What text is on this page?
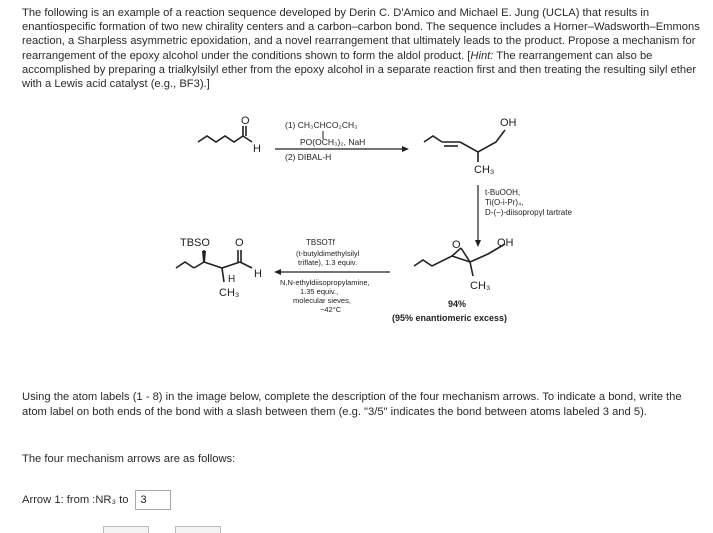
The following is an example of a reaction sequence developed by Derin C. D'Amico and Michael E. Jung (UCLA) that results in enantiospecific formation of two new chirality centers and a carbon–carbon bond. The sequence includes a Horner–Wadsworth–Emmons reaction, a Sharpless asymmetric epoxidation, and a novel rearrangement that ultimately leads to the product. Propose a mechanism for rearrangement of the epoxy alcohol under the conditions shown to form the aldol product. [Hint: The rearrangement can also be accomplished by preparing a trialkylsilyl ether from the epoxy alcohol in a separate reaction first and then treating the resulting silyl ether with a Lewis acid catalyst (e.g., BF3).]
O
H
(1) CH₃CHCO₂CH₃
PO(OCH₃)₂, NaH
(2) DIBAL-H
OH
CH₃
t-BuOOH,
Ti(O-i-Pr)₄,
D-(−)-diisopropyl tartrate
O	OH
CH₃
94%
(95% enantiomeric excess)
TBSOTf
(t-butyldimethylsilyl
triflate), 1.3 equiv.
N,N-ethyldiisopropylamine,
1.35 equiv.,
molecular sieves,
−42°C
TBSO O
H H
CH₃
Using the atom labels (1 - 8) in the image below, complete the description of the four mechanism arrows. To indicate a bond, write the atom label on both ends of the bond with a slash between them (e.g. "3/5" indicates the bond between atoms labeled 3 and 5).
The four mechanism arrows are as follows:
Arrow 1: from :NR₃ to
3
